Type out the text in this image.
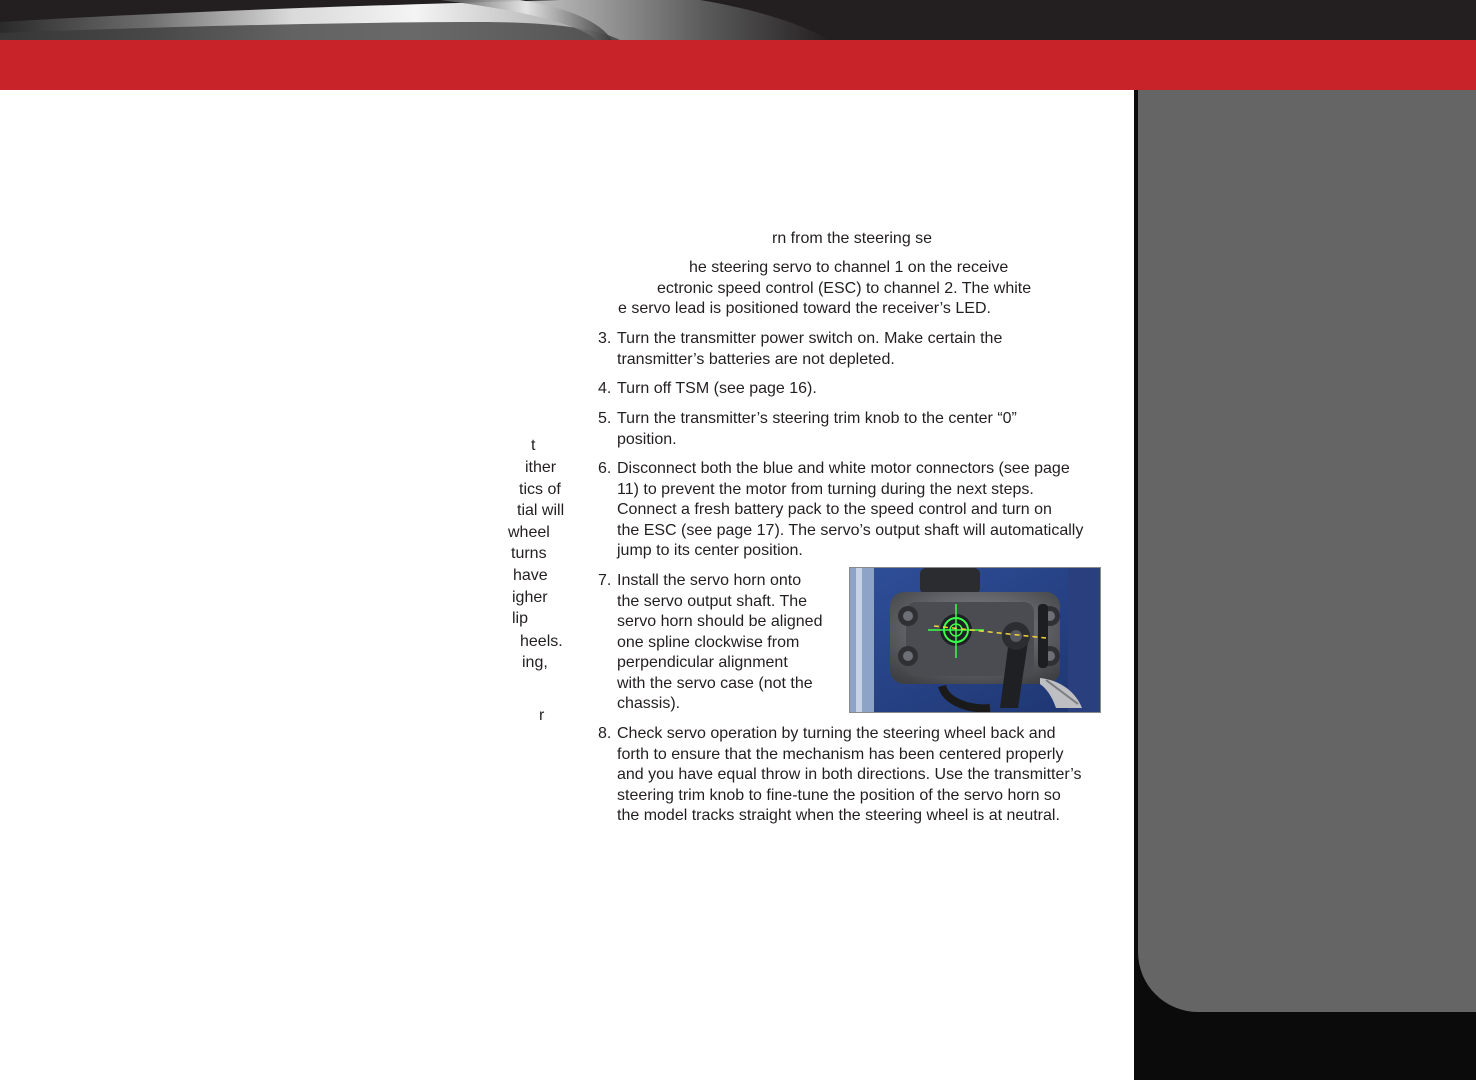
t
ither
tics of
tial will
wheel
turns
have
igher
lip
heels.
ing,
r
rn from the steering se
he steering servo to channel 1 on the receive
ectronic speed control (ESC) to channel 2. The white
e servo lead is positioned toward the receiver’s LED.
3. Turn the transmitter power switch on. Make certain the
transmitter’s batteries are not depleted.
4. Turn off TSM (see page 16).
5. Turn the transmitter’s steering trim knob to the center “0”
position.
6. Disconnect both the blue and white motor connectors (see page
11) to prevent the motor from turning during the next steps.
Connect a fresh battery pack to the speed control and turn on
the ESC (see page 17). The servo’s output shaft will automatically
jump to its center position.
7. Install the servo horn onto
the servo output shaft. The
servo horn should be aligned
one spline clockwise from
perpendicular alignment
with the servo case (not the
chassis).
8. Check servo operation by turning the steering wheel back and
forth to ensure that the mechanism has been centered properly
and you have equal throw in both directions. Use the transmitter’s
steering trim knob to fine-tune the position of the servo horn so
the model tracks straight when the steering wheel is at neutral.
